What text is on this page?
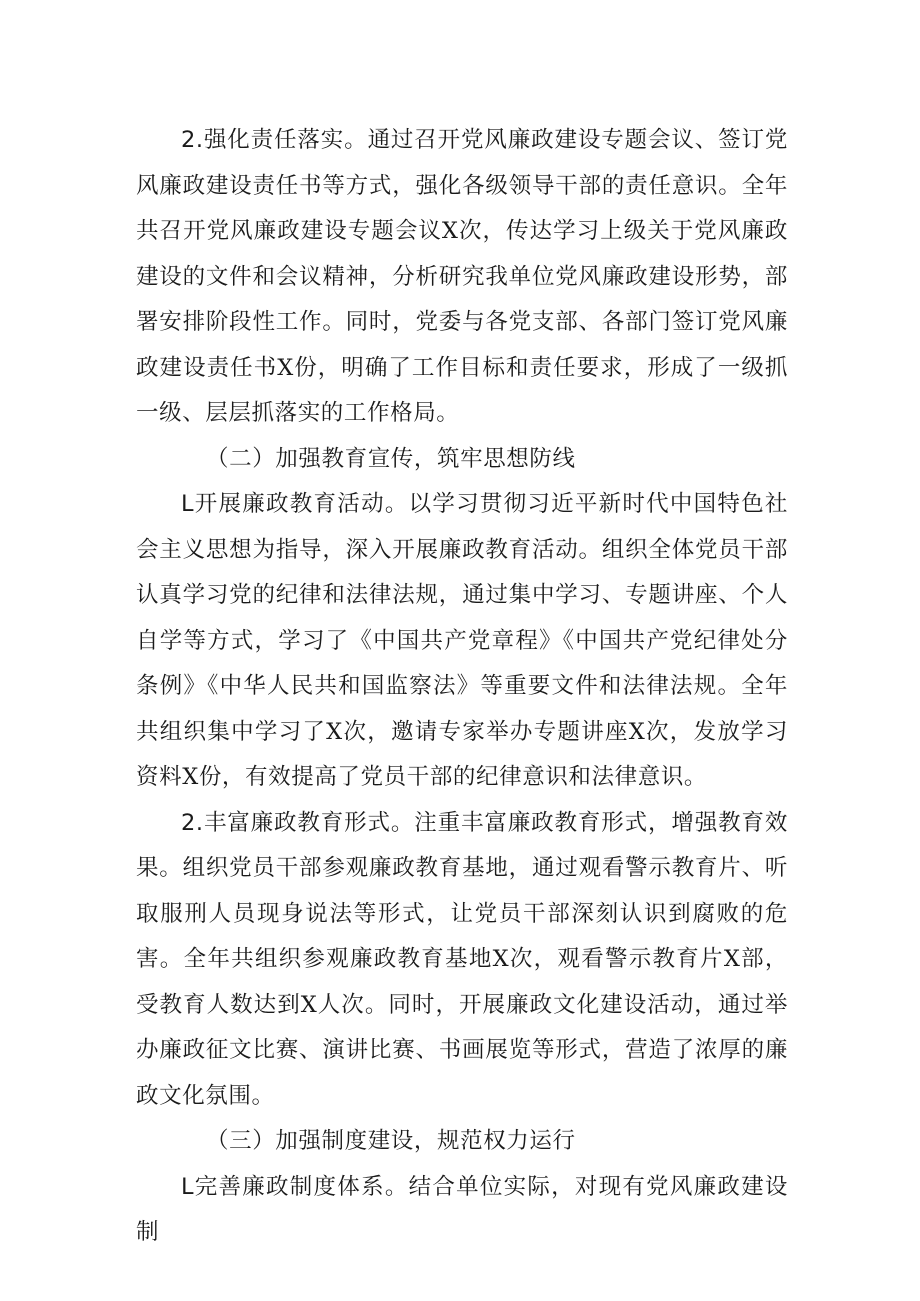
2.强化责任落实。通过召开党风廉政建设专题会议、签订党风廉政建设责任书等方式，强化各级领导干部的责任意识。全年共召开党风廉政建设专题会议X次，传达学习上级关于党风廉政建设的文件和会议精神，分析研究我单位党风廉政建设形势，部署安排阶段性工作。同时，党委与各党支部、各部门签订党风廉政建设责任书X份，明确了工作目标和责任要求，形成了一级抓一级、层层抓落实的工作格局。

（二）加强教育宣传，筑牢思想防线

L开展廉政教育活动。以学习贯彻习近平新时代中国特色社会主义思想为指导，深入开展廉政教育活动。组织全体党员干部认真学习党的纪律和法律法规，通过集中学习、专题讲座、个人自学等方式，学习了《中国共产党章程》《中国共产党纪律处分条例》《中华人民共和国监察法》等重要文件和法律法规。全年共组织集中学习了X次，邀请专家举办专题讲座X次，发放学习资料X份，有效提高了党员干部的纪律意识和法律意识。

2.丰富廉政教育形式。注重丰富廉政教育形式，增强教育效果。组织党员干部参观廉政教育基地，通过观看警示教育片、听取服刑人员现身说法等形式，让党员干部深刻认识到腐败的危害。全年共组织参观廉政教育基地X次，观看警示教育片X部，受教育人数达到X人次。同时，开展廉政文化建设活动，通过举办廉政征文比赛、演讲比赛、书画展览等形式，营造了浓厚的廉政文化氛围。

（三）加强制度建设，规范权力运行

L完善廉政制度体系。结合单位实际，对现有党风廉政建设制
